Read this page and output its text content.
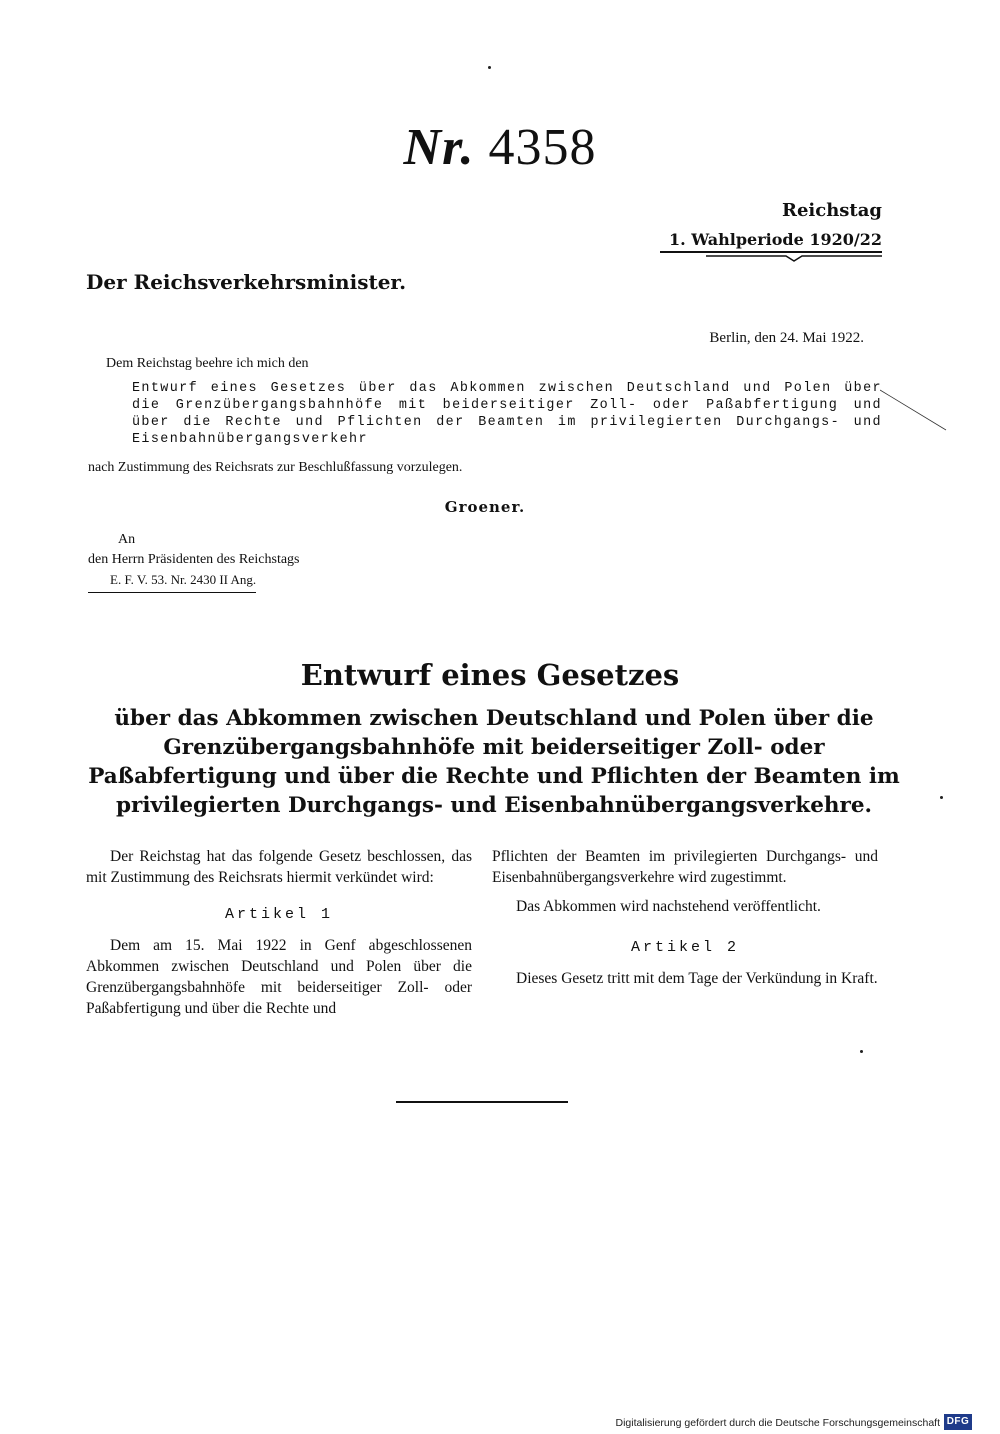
Nr. 4358
Reichstag
1. Wahlperiode 1920/22
Der Reichsverkehrsminister.
Berlin, den 24. Mai 1922.
Dem Reichstag beehre ich mich den
Entwurf eines Gesetzes über das Abkommen zwischen Deutschland und Polen über die Grenzübergangsbahnhöfe mit beiderseitiger Zoll- oder Paßabfertigung und über die Rechte und Pflichten der Beamten im privilegierten Durchgangs- und Eisenbahnübergangsverkehr
nach Zustimmung des Reichsrats zur Beschlußfassung vorzulegen.
Groener.
An
den Herrn Präsidenten des Reichstags
E. F. V. 53. Nr. 2430 II Ang.
Entwurf eines Gesetzes
über das Abkommen zwischen Deutschland und Polen über die Grenzübergangsbahnhöfe mit beiderseitiger Zoll- oder Paßabfertigung und über die Rechte und Pflichten der Beamten im privilegierten Durchgangs- und Eisenbahnübergangsverkehre.

Der Reichstag hat das folgende Gesetz beschlossen, das mit Zustimmung des Reichsrats hiermit verkündet wird:

Artikel 1

Dem am 15. Mai 1922 in Genf abgeschlossenen Abkommen zwischen Deutschland und Polen über die Grenzübergangsbahnhöfe mit beiderseitiger Zoll- oder Paßabfertigung und über die Rechte und

Pflichten der Beamten im privilegierten Durchgangs- und Eisenbahnübergangsverkehre wird zugestimmt.

Das Abkommen wird nachstehend veröffentlicht.

Artikel 2

Dieses Gesetz tritt mit dem Tage der Verkündung in Kraft.

Digitalisierung gefördert durch die Deutsche Forschungsgemeinschaft DFG
